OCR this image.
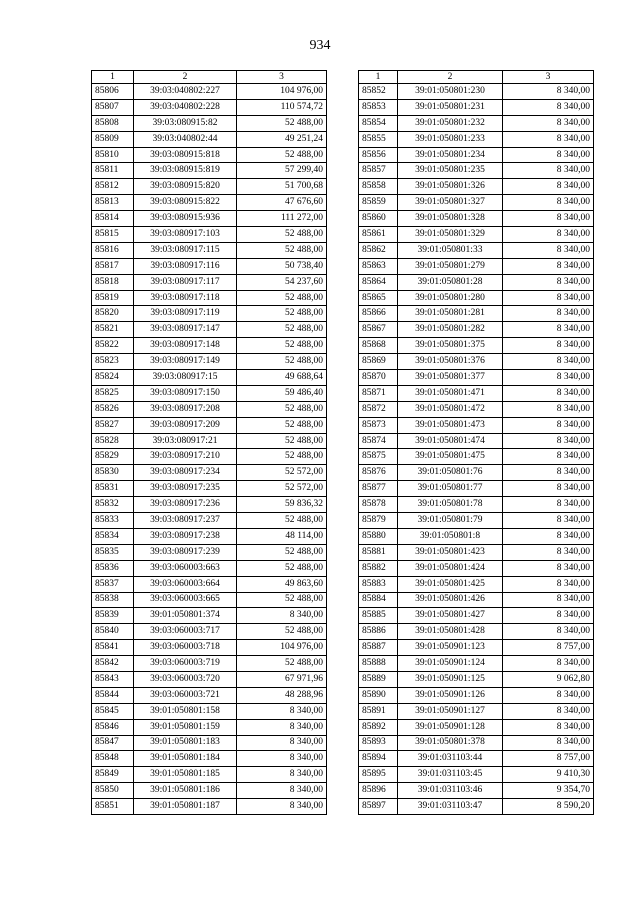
934
1	2	3
85806	39:03:040802:227	104 976,00
85807	39:03:040802:228	110 574,72
85808	39:03:080915:82	52 488,00
85809	39:03:040802:44	49 251,24
85810	39:03:080915:818	52 488,00
85811	39:03:080915:819	57 299,40
85812	39:03:080915:820	51 700,68
85813	39:03:080915:822	47 676,60
85814	39:03:080915:936	111 272,00
85815	39:03:080917:103	52 488,00
85816	39:03:080917:115	52 488,00
85817	39:03:080917:116	50 738,40
85818	39:03:080917:117	54 237,60
85819	39:03:080917:118	52 488,00
85820	39:03:080917:119	52 488,00
85821	39:03:080917:147	52 488,00
85822	39:03:080917:148	52 488,00
85823	39:03:080917:149	52 488,00
85824	39:03:080917:15	49 688,64
85825	39:03:080917:150	59 486,40
85826	39:03:080917:208	52 488,00
85827	39:03:080917:209	52 488,00
85828	39:03:080917:21	52 488,00
85829	39:03:080917:210	52 488,00
85830	39:03:080917:234	52 572,00
85831	39:03:080917:235	52 572,00
85832	39:03:080917:236	59 836,32
85833	39:03:080917:237	52 488,00
85834	39:03:080917:238	48 114,00
85835	39:03:080917:239	52 488,00
85836	39:03:060003:663	52 488,00
85837	39:03:060003:664	49 863,60
85838	39:03:060003:665	52 488,00
85839	39:01:050801:374	8 340,00
85840	39:03:060003:717	52 488,00
85841	39:03:060003:718	104 976,00
85842	39:03:060003:719	52 488,00
85843	39:03:060003:720	67 971,96
85844	39:03:060003:721	48 288,96
85845	39:01:050801:158	8 340,00
85846	39:01:050801:159	8 340,00
85847	39:01:050801:183	8 340,00
85848	39:01:050801:184	8 340,00
85849	39:01:050801:185	8 340,00
85850	39:01:050801:186	8 340,00
85851	39:01:050801:187	8 340,00
1	2	3
85852	39:01:050801:230	8 340,00
85853	39:01:050801:231	8 340,00
85854	39:01:050801:232	8 340,00
85855	39:01:050801:233	8 340,00
85856	39:01:050801:234	8 340,00
85857	39:01:050801:235	8 340,00
85858	39:01:050801:326	8 340,00
85859	39:01:050801:327	8 340,00
85860	39:01:050801:328	8 340,00
85861	39:01:050801:329	8 340,00
85862	39:01:050801:33	8 340,00
85863	39:01:050801:279	8 340,00
85864	39:01:050801:28	8 340,00
85865	39:01:050801:280	8 340,00
85866	39:01:050801:281	8 340,00
85867	39:01:050801:282	8 340,00
85868	39:01:050801:375	8 340,00
85869	39:01:050801:376	8 340,00
85870	39:01:050801:377	8 340,00
85871	39:01:050801:471	8 340,00
85872	39:01:050801:472	8 340,00
85873	39:01:050801:473	8 340,00
85874	39:01:050801:474	8 340,00
85875	39:01:050801:475	8 340,00
85876	39:01:050801:76	8 340,00
85877	39:01:050801:77	8 340,00
85878	39:01:050801:78	8 340,00
85879	39:01:050801:79	8 340,00
85880	39:01:050801:8	8 340,00
85881	39:01:050801:423	8 340,00
85882	39:01:050801:424	8 340,00
85883	39:01:050801:425	8 340,00
85884	39:01:050801:426	8 340,00
85885	39:01:050801:427	8 340,00
85886	39:01:050801:428	8 340,00
85887	39:01:050901:123	8 757,00
85888	39:01:050901:124	8 340,00
85889	39:01:050901:125	9 062,80
85890	39:01:050901:126	8 340,00
85891	39:01:050901:127	8 340,00
85892	39:01:050901:128	8 340,00
85893	39:01:050801:378	8 340,00
85894	39:01:031103:44	8 757,00
85895	39:01:031103:45	9 410,30
85896	39:01:031103:46	9 354,70
85897	39:01:031103:47	8 590,20
